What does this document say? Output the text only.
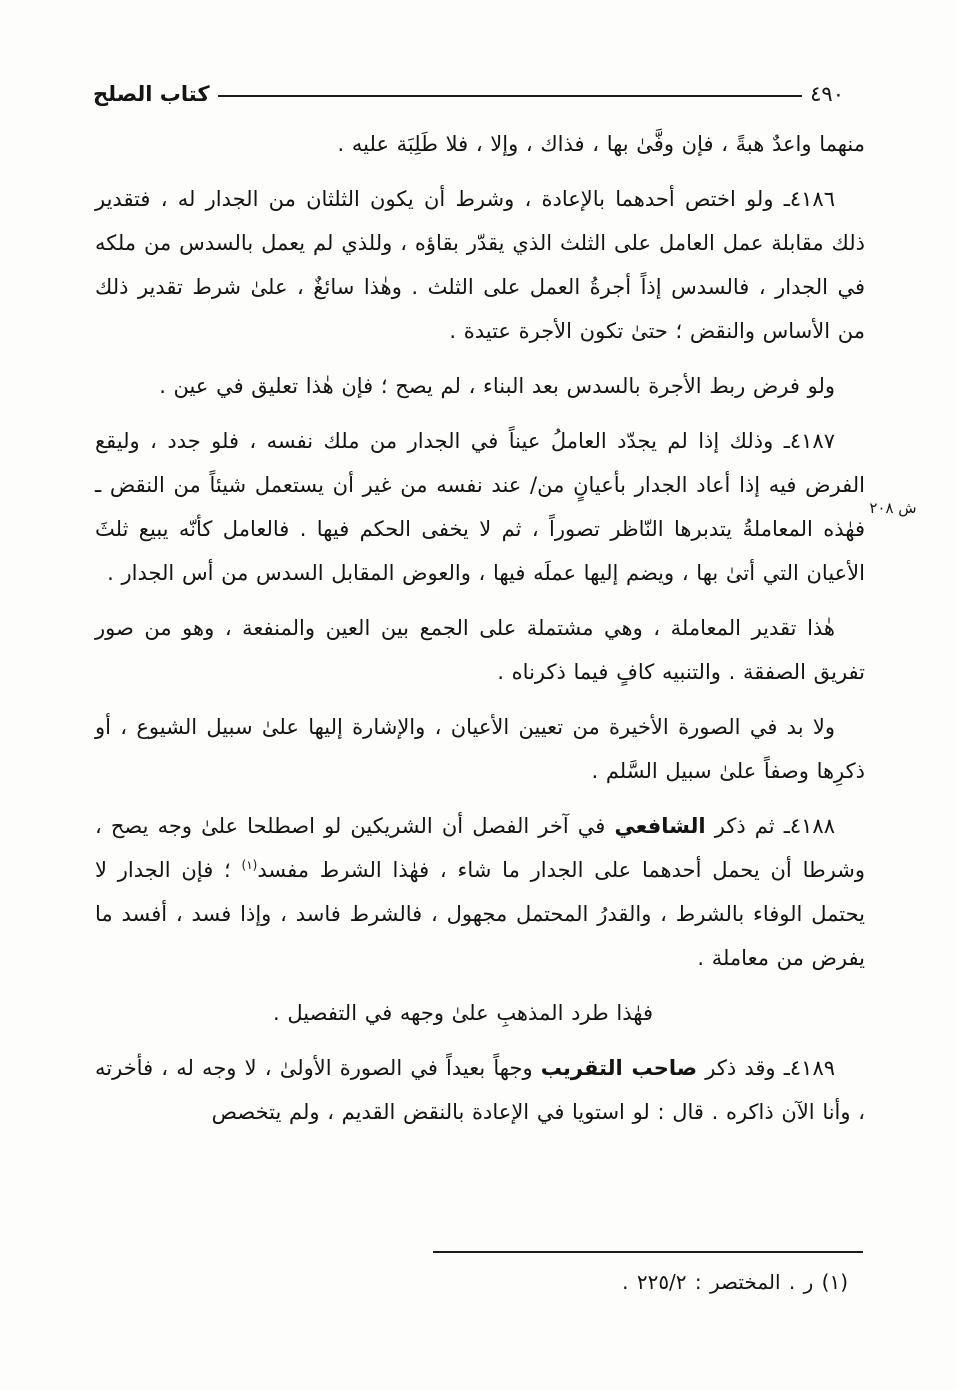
٤٩٠
كتاب الصلح
ش ٢٠٨

منهما واعدٌ هبةً ، فإن وفَّىٰ بها ، فذاك ، وإلا ، فلا طَلِبَة عليه .

٤١٨٦ـ ولو اختص أحدهما بالإعادة ، وشرط أن يكون الثلثان من الجدار له ، فتقدير ذلك مقابلة عمل العامل على الثلث الذي يقدّر بقاؤه ، وللذي لم يعمل بالسدس من ملكه في الجدار ، فالسدس إذاً أجرةُ العمل على الثلث . وهٰذا سائغٌ ، علىٰ شرط تقدير ذلك من الأساس والنقض ؛ حتىٰ تكون الأجرة عتيدة .

ولو فرض ربط الأجرة بالسدس بعد البناء ، لم يصح ؛ فإن هٰذا تعليق في عين .

٤١٨٧ـ وذلك إذا لم يجدّد العاملُ عيناً في الجدار من ملك نفسه ، فلو جدد ، وليقع الفرض فيه إذا أعاد الجدار بأعيانٍ من/ عند نفسه من غير أن يستعمل شيئاً من النقض ـ فهٰذه المعاملةُ يتدبرها النّاظر تصوراً ، ثم لا يخفى الحكم فيها . فالعامل كأنّه يبيع ثلثَ الأعيان التي أتىٰ بها ، ويضم إليها عملَه فيها ، والعوض المقابل السدس من أس الجدار .

هٰذا تقدير المعاملة ، وهي مشتملة على الجمع بين العين والمنفعة ، وهو من صور تفريق الصفقة . والتنبيه كافٍ فيما ذكرناه .

ولا بد في الصورة الأخيرة من تعيين الأعيان ، والإشارة إليها علىٰ سبيل الشيوع ، أو ذكرِها وصفاً علىٰ سبيل السَّلم .

٤١٨٨ـ ثم ذكر الشافعي في آخر الفصل أن الشريكين لو اصطلحا علىٰ وجه يصح ، وشرطا أن يحمل أحدهما على الجدار ما شاء ، فهٰذا الشرط مفسد$^{(١)}$ ؛ فإن الجدار لا يحتمل الوفاء بالشرط ، والقدرُ المحتمل مجهول ، فالشرط فاسد ، وإذا فسد ، أفسد ما يفرض من معاملة .

فهٰذا طرد المذهبِ علىٰ وجهه في التفصيل .

٤١٨٩ـ وقد ذكر صاحب التقريب وجهاً بعيداً في الصورة الأولىٰ ، لا وجه له ، فأخرته ، وأنا الآن ذاكره . قال : لو استويا في الإعادة بالنقض القديم ، ولم يتخصص

(١) ر . المختصر : ٢٢٥/٢ .
